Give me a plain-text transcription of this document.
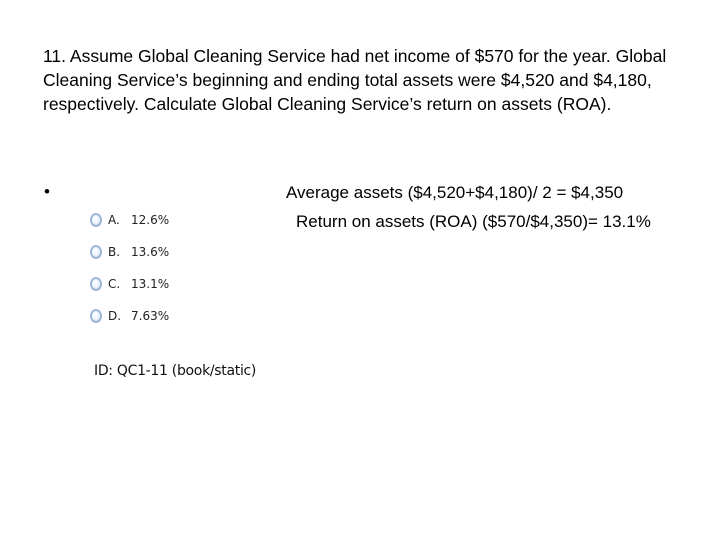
11. Assume Global Cleaning Service had net income of $570 for the year. Global Cleaning Service’s beginning and ending total assets were $4,520 and $4,180, respectively. Calculate Global Cleaning Service’s return on assets (ROA).

•
A. 12.6%
B. 13.6%
C. 13.1%
D. 7.63%
ID: QC1-11 (book/static)
Average assets ($4,520+$4,180)/ 2 = $4,350
Return on assets (ROA) ($570/$4,350)= 13.1%
